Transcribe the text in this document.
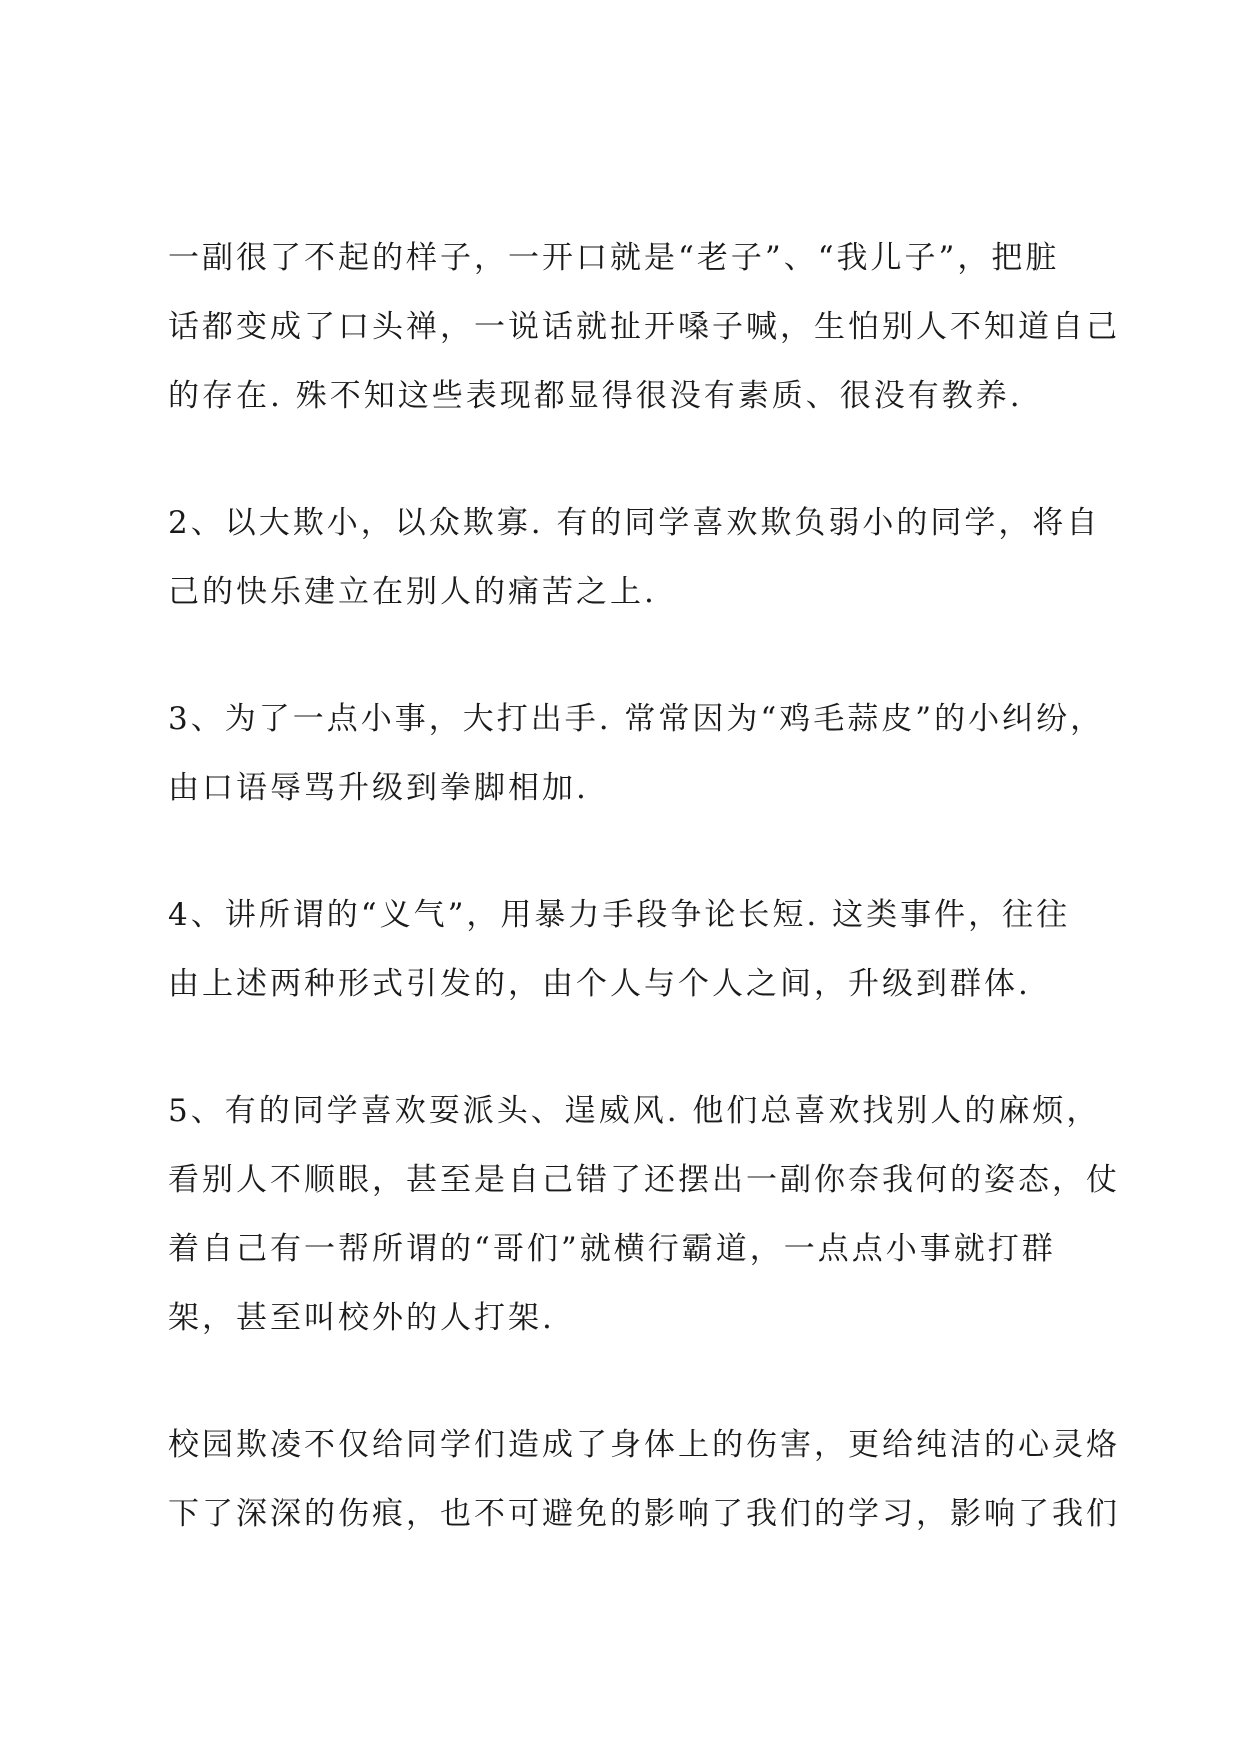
一副很了不起的样子，一开口就是“老子”、“我儿子”，把脏

话都变成了口头禅，一说话就扯开嗓子喊，生怕别人不知道自己

的存在. 殊不知这些表现都显得很没有素质、很没有教养.

2、以大欺小，以众欺寡. 有的同学喜欢欺负弱小的同学，将自

己的快乐建立在别人的痛苦之上.

3、为了一点小事，大打出手. 常常因为“鸡毛蒜皮”的小纠纷，

由口语辱骂升级到拳脚相加.

4、讲所谓的“义气”，用暴力手段争论长短. 这类事件，往往

由上述两种形式引发的，由个人与个人之间，升级到群体.

5、有的同学喜欢耍派头、逞威风. 他们总喜欢找别人的麻烦，

看别人不顺眼，甚至是自己错了还摆出一副你奈我何的姿态，仗

着自己有一帮所谓的“哥们”就横行霸道，一点点小事就打群

架，甚至叫校外的人打架.

校园欺凌不仅给同学们造成了身体上的伤害，更给纯洁的心灵烙

下了深深的伤痕，也不可避免的影响了我们的学习，影响了我们
